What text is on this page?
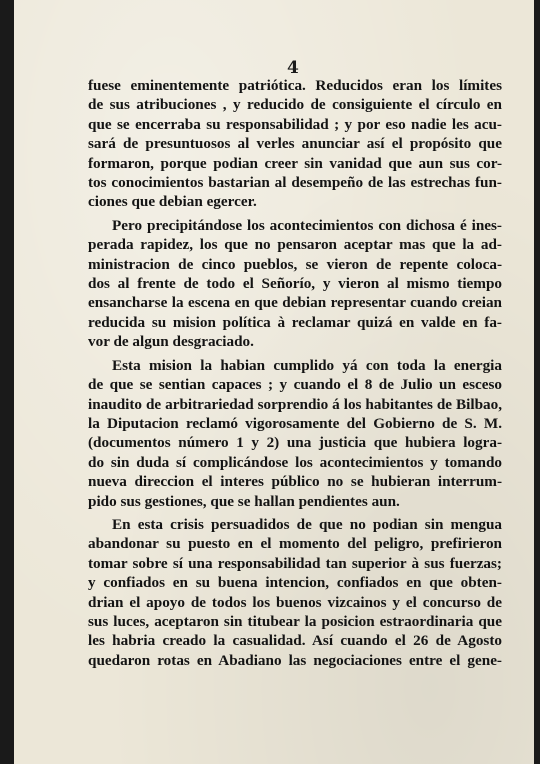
4
fuese eminentemente patriótica. Reducidos eran los límites
de sus atribuciones , y reducido de consiguiente el círculo en
que se encerraba su responsabilidad ; y por eso nadie les acu-
sará de presuntuosos al verles anunciar así el propósito que
formaron, porque podian creer sin vanidad que aun sus cor-
tos conocimientos bastarian al desempeño de las estrechas fun-
ciones que debian egercer.
Pero precipitándose los acontecimientos con dichosa é ines-
perada rapidez, los que no pensaron aceptar mas que la ad-
ministracion de cinco pueblos, se vieron de repente coloca-
dos al frente de todo el Señorío, y vieron al mismo tiempo
ensancharse la escena en que debian representar cuando creian
reducida su mision política à reclamar quizá en valde en fa-
vor de algun desgraciado.
Esta mision la habian cumplido yá con toda la energia
de que se sentian capaces ; y cuando el 8 de Julio un esceso
inaudito de arbitrariedad sorprendio á los habitantes de Bilbao,
la Diputacion reclamó vigorosamente del Gobierno de S. M.
(documentos número 1 y 2) una justicia que hubiera logra-
do sin duda sí complicándose los acontecimientos y tomando
nueva direccion el interes público no se hubieran interrum-
pido sus gestiones, que se hallan pendientes aun.
En esta crisis persuadidos de que no podian sin mengua
abandonar su puesto en el momento del peligro, prefirieron
tomar sobre sí una responsabilidad tan superior à sus fuerzas;
y confiados en su buena intencion, confiados en que obten-
drian el apoyo de todos los buenos vizcainos y el concurso de
sus luces, aceptaron sin titubear la posicion estraordinaria que
les habria creado la casualidad. Así cuando el 26 de Agosto
quedaron rotas en Abadiano las negociaciones entre el gene-
